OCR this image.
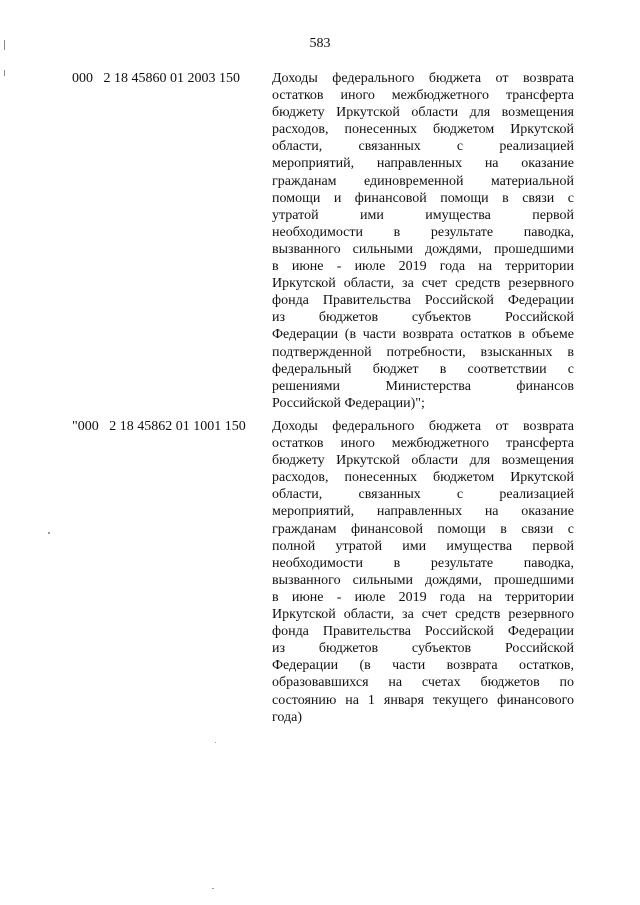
583
000   2 18 45860 01 2003 150 Доходы федерального бюджета от возврата
остатков иного межбюджетного трансферта
бюджету Иркутской области для возмещения
расходов, понесенных бюджетом Иркутской
области, связанных с реализацией
мероприятий, направленных на оказание
гражданам единовременной материальной
помощи и финансовой помощи в связи с
утратой ими имущества первой
необходимости в результате паводка,
вызванного сильными дождями, прошедшими
в июне - июле 2019 года на территории
Иркутской области, за счет средств резервного
фонда Правительства Российской Федерации
из бюджетов субъектов Российской
Федерации (в части возврата остатков в объеме
подтвержденной потребности, взысканных в
федеральный бюджет в соответствии с
решениями Министерства финансов
Российской Федерации)";
"000   2 18 45862 01 1001 150 Доходы федерального бюджета от возврата
остатков иного межбюджетного трансферта
бюджету Иркутской области для возмещения
расходов, понесенных бюджетом Иркутской
области, связанных с реализацией
мероприятий, направленных на оказание
гражданам финансовой помощи в связи с
полной утратой ими имущества первой
необходимости в результате паводка,
вызванного сильными дождями, прошедшими
в июне - июле 2019 года на территории
Иркутской области, за счет средств резервного
фонда Правительства Российской Федерации
из бюджетов субъектов Российской
Федерации (в части возврата остатков,
образовавшихся на счетах бюджетов по
состоянию на 1 января текущего финансового
года)
